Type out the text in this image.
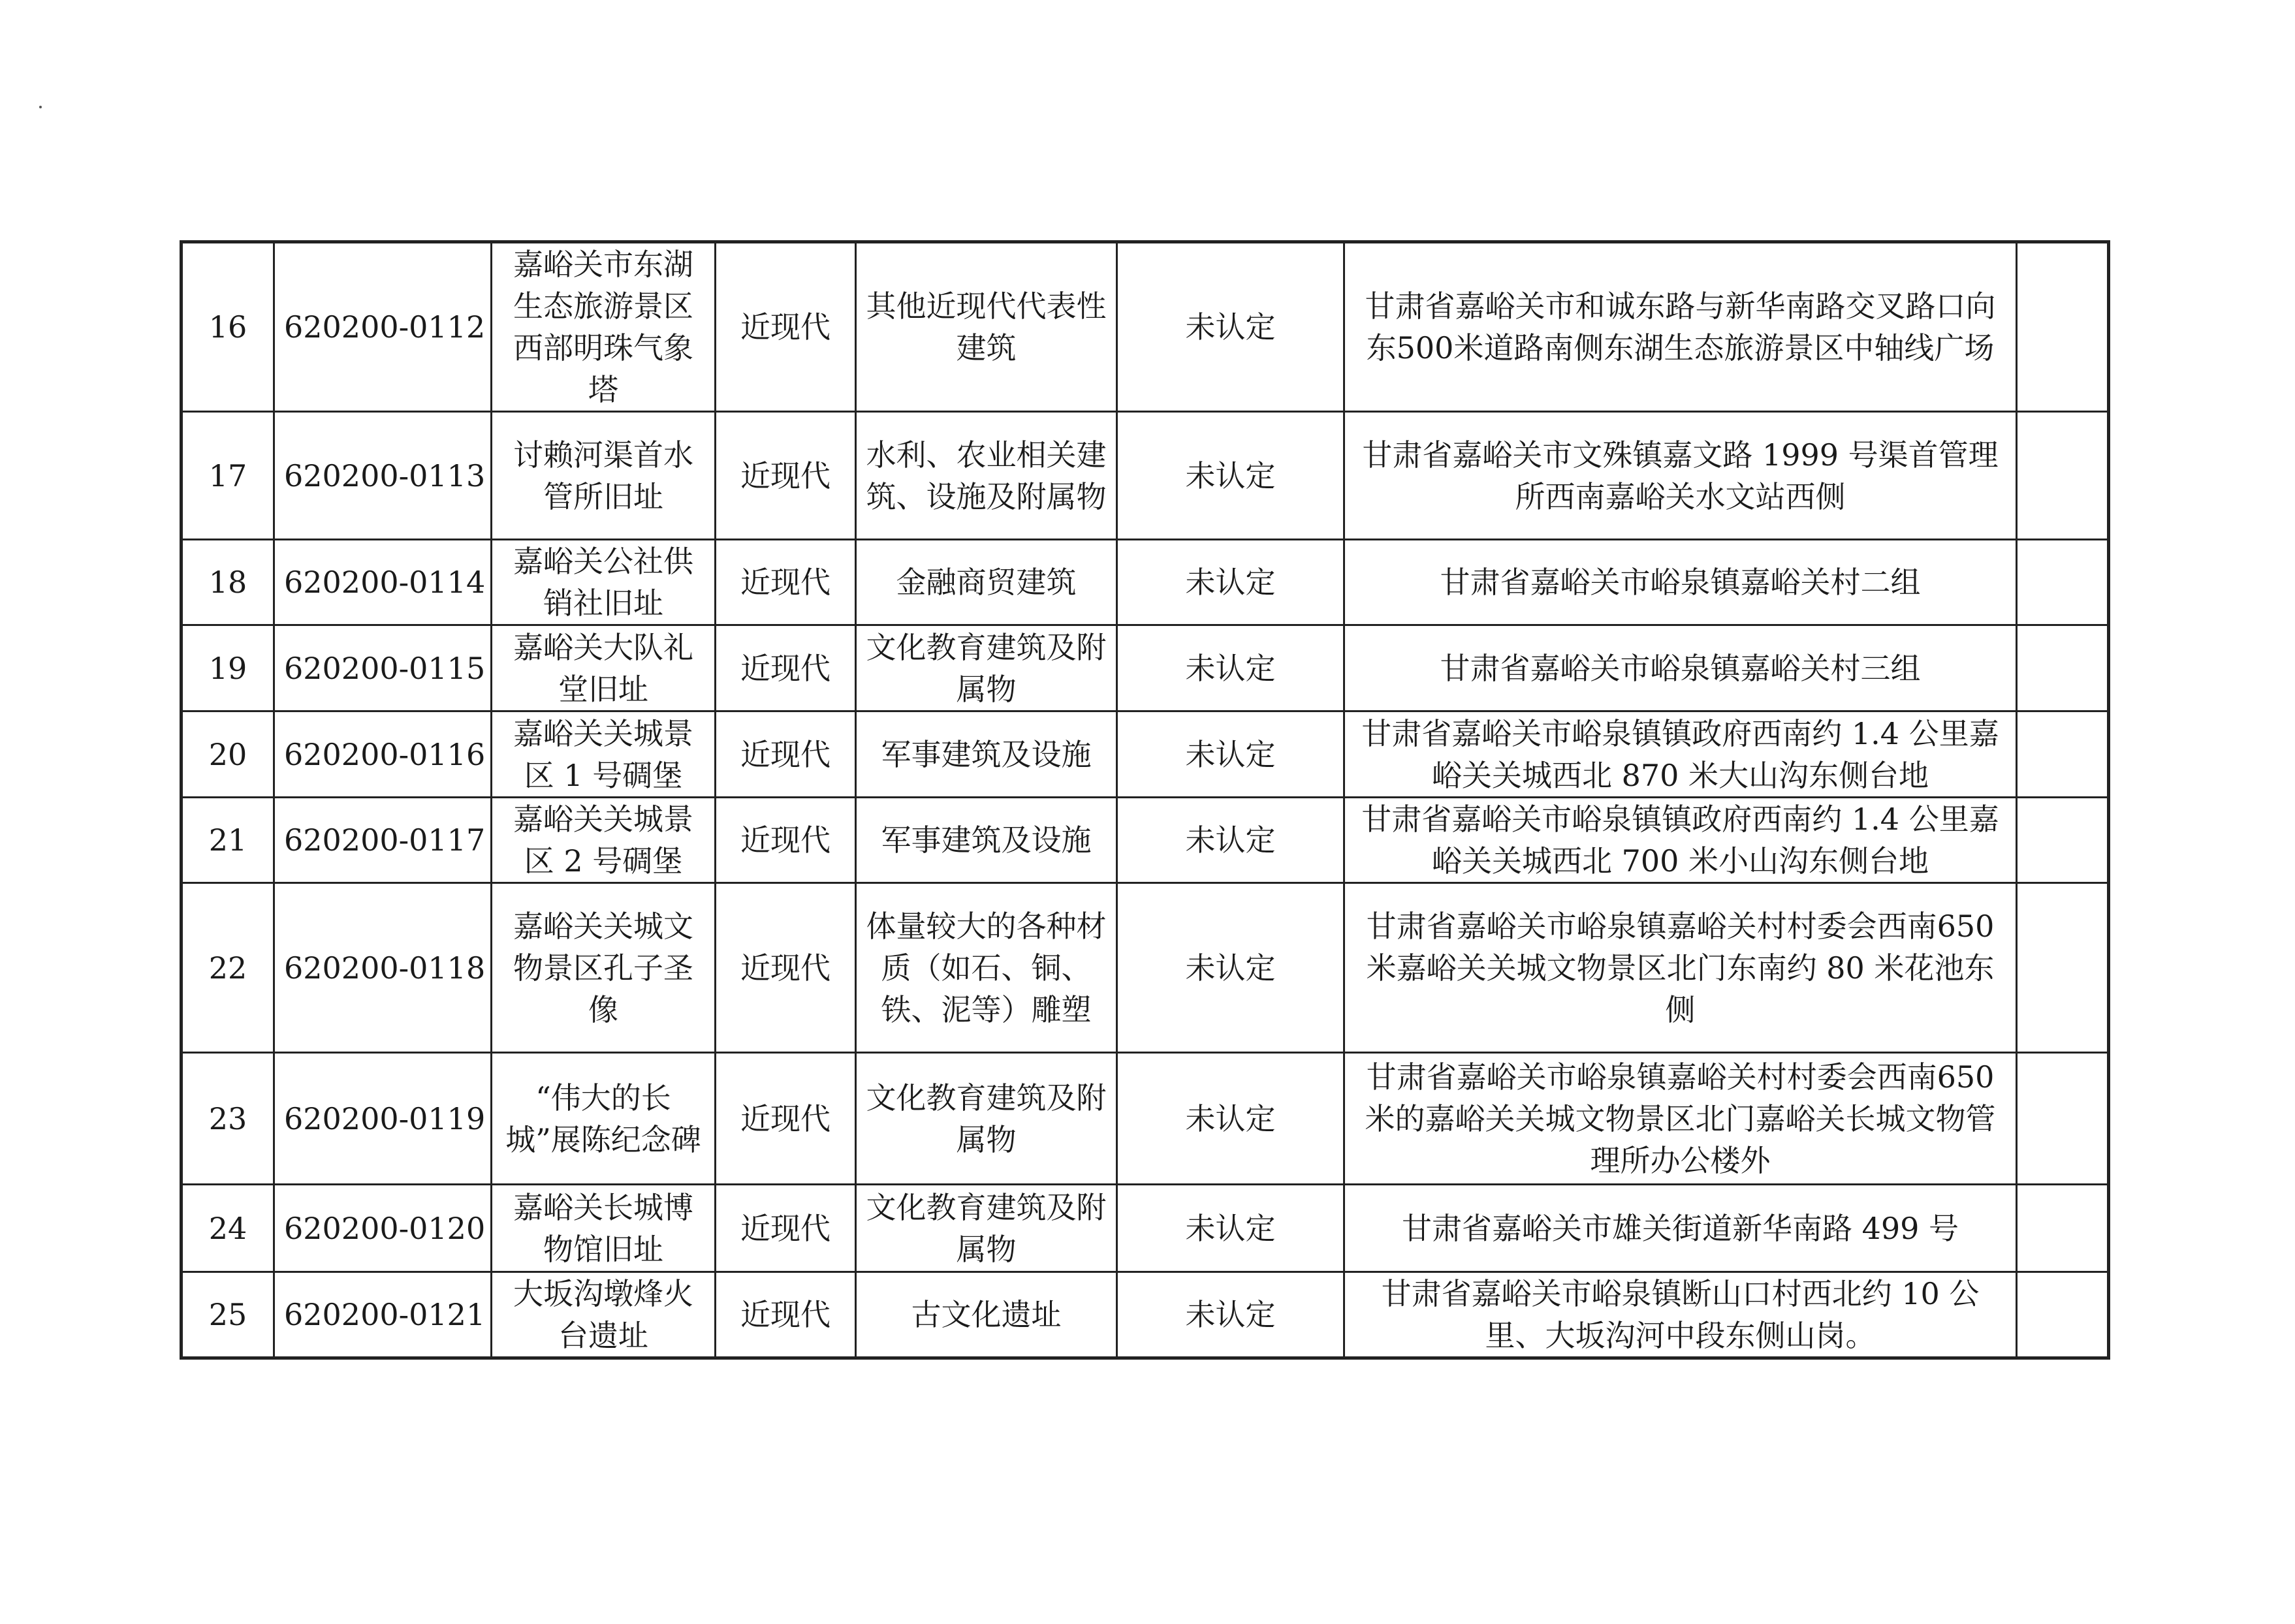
16	620200-0112	嘉峪关市东湖生态旅游景区西部明珠气象塔	近现代	其他近现代代表性建筑	未认定	甘肃省嘉峪关市和诚东路与新华南路交叉路口向东500米道路南侧东湖生态旅游景区中轴线广场	
17	620200-0113	讨赖河渠首水管所旧址	近现代	水利、农业相关建筑、设施及附属物	未认定	甘肃省嘉峪关市文殊镇嘉文路 1999 号渠首管理所西南嘉峪关水文站西侧	
18	620200-0114	嘉峪关公社供销社旧址	近现代	金融商贸建筑	未认定	甘肃省嘉峪关市峪泉镇嘉峪关村二组	
19	620200-0115	嘉峪关大队礼堂旧址	近现代	文化教育建筑及附属物	未认定	甘肃省嘉峪关市峪泉镇嘉峪关村三组	
20	620200-0116	嘉峪关关城景区 1 号碉堡	近现代	军事建筑及设施	未认定	甘肃省嘉峪关市峪泉镇镇政府西南约 1.4 公里嘉峪关关城西北 870 米大山沟东侧台地	
21	620200-0117	嘉峪关关城景区 2 号碉堡	近现代	军事建筑及设施	未认定	甘肃省嘉峪关市峪泉镇镇政府西南约 1.4 公里嘉峪关关城西北 700 米小山沟东侧台地	
22	620200-0118	嘉峪关关城文物景区孔子圣像	近现代	体量较大的各种材质（如石、铜、铁、泥等）雕塑	未认定	甘肃省嘉峪关市峪泉镇嘉峪关村村委会西南650 米嘉峪关关城文物景区北门东南约 80 米花池东侧	
23	620200-0119	“伟大的长城”展陈纪念碑	近现代	文化教育建筑及附属物	未认定	甘肃省嘉峪关市峪泉镇嘉峪关村村委会西南650 米的嘉峪关关城文物景区北门嘉峪关长城文物管理所办公楼外	
24	620200-0120	嘉峪关长城博物馆旧址	近现代	文化教育建筑及附属物	未认定	甘肃省嘉峪关市雄关街道新华南路 499 号	
25	620200-0121	大坂沟墩烽火台遗址	近现代	古文化遗址	未认定	甘肃省嘉峪关市峪泉镇断山口村西北约 10 公里、大坂沟河中段东侧山岗。	
